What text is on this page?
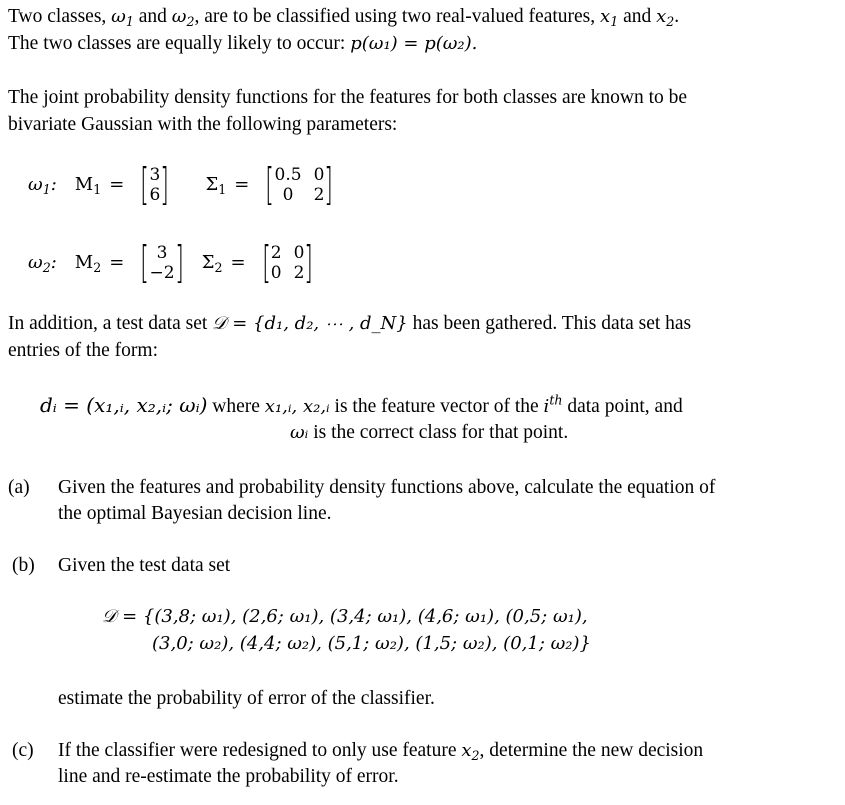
Two classes, $\omega_1$ and $\omega_2$, are to be classified using two real-valued features, $x_1$ and $x_2$.
The two classes are equally likely to occur: p(ω₁) = p(ω₂).
The joint probability density functions for the features for both classes are known to be
bivariate Gaussian with the following parameters:
$\omega_1$: $M_1$ = [ 3
6 ] $\Sigma_1$ = [ 0.5 0
0	2 ]
$\omega_2$: $M_2$ = [ 3
−2 ] $\Sigma_2$ = [ 2 0
0 2 ]
In addition, a test data set 𝒟 = {d₁, d₂, ⋯ , d_N} has been gathered. This data set has
entries of the form:
dᵢ = (x₁,ᵢ, x₂,ᵢ; ωᵢ) where x₁,ᵢ, x₂,ᵢ is the feature vector of the $i^{th}$ data point, and
ωᵢ is the correct class for that point.
(a)	Given the features and probability density functions above, calculate the equation of
the optimal Bayesian decision line.
(b)	Given the test data set
𝒟 = {(3,8; ω₁), (2,6; ω₁), (3,4; ω₁), (4,6; ω₁), (0,5; ω₁),
(3,0; ω₂), (4,4; ω₂), (5,1; ω₂), (1,5; ω₂), (0,1; ω₂)}
estimate the probability of error of the classifier.
(c)	If the classifier were redesigned to only use feature $x_2$, determine the new decision
line and re-estimate the probability of error.
